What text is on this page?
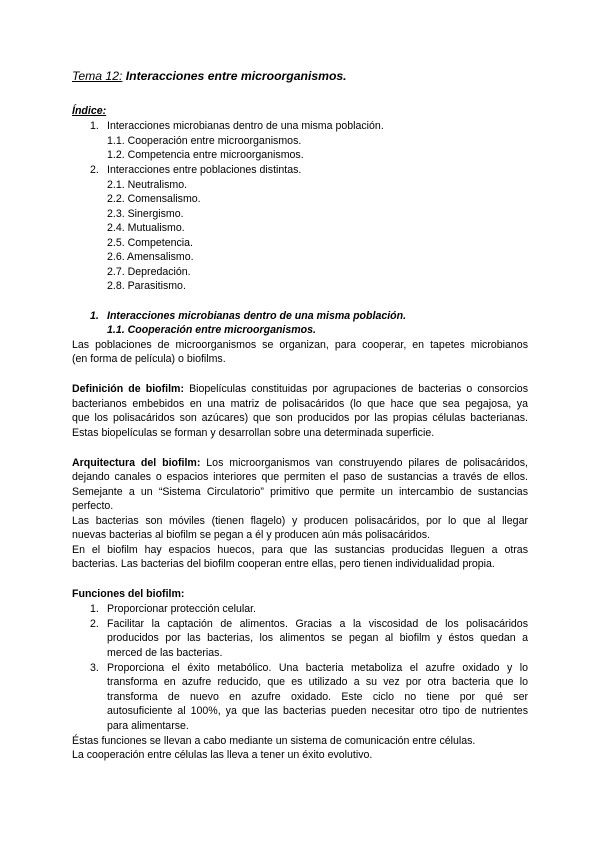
Tema 12: Interacciones entre microorganismos.
Índice:
1. Interacciones microbianas dentro de una misma población.
1.1. Cooperación entre microorganismos.
1.2. Competencia entre microorganismos.
2. Interacciones entre poblaciones distintas.
2.1. Neutralismo.
2.2. Comensalismo.
2.3. Sinergismo.
2.4. Mutualismo.
2.5. Competencia.
2.6. Amensalismo.
2.7. Depredación.
2.8. Parasitismo.
1. Interacciones microbianas dentro de una misma población.
1.1. Cooperación entre microorganismos.
Las poblaciones de microorganismos se organizan, para cooperar, en tapetes microbianos
(en forma de película) o biofilms.
Definición de biofilm: Biopelículas constituidas por agrupaciones de bacterias o consorcios
bacterianos embebidos en una matriz de polisacáridos (lo que hace que sea pegajosa, ya
que los polisacáridos son azúcares) que son producidos por las propias células bacterianas.
Estas biopelículas se forman y desarrollan sobre una determinada superficie.
Arquitectura del biofilm: Los microorganismos van construyendo pilares de polisacáridos,
dejando canales o espacios interiores que permiten el paso de sustancias a través de ellos.
Semejante a un “Sistema Circulatorio” primitivo que permite un intercambio de sustancias
perfecto.
Las bacterias son móviles (tienen flagelo) y producen polisacáridos, por lo que al llegar
nuevas bacterias al biofilm se pegan a él y producen aún más polisacáridos.
En el biofilm hay espacios huecos, para que las sustancias producidas lleguen a otras
bacterias. Las bacterias del biofilm cooperan entre ellas, pero tienen individualidad propia.
Funciones del biofilm:
1. Proporcionar protección celular.
2. Facilitar la captación de alimentos. Gracias a la viscosidad de los polisacáridos
producidos por las bacterias, los alimentos se pegan al biofilm y éstos quedan a
merced de las bacterias.
3. Proporciona el éxito metabólico. Una bacteria metaboliza el azufre oxidado y lo
transforma en azufre reducido, que es utilizado a su vez por otra bacteria que lo
transforma de nuevo en azufre oxidado. Este ciclo no tiene por qué ser
autosuficiente al 100%, ya que las bacterias pueden necesitar otro tipo de nutrientes
para alimentarse.
Éstas funciones se llevan a cabo mediante un sistema de comunicación entre células.
La cooperación entre células las lleva a tener un éxito evolutivo.
